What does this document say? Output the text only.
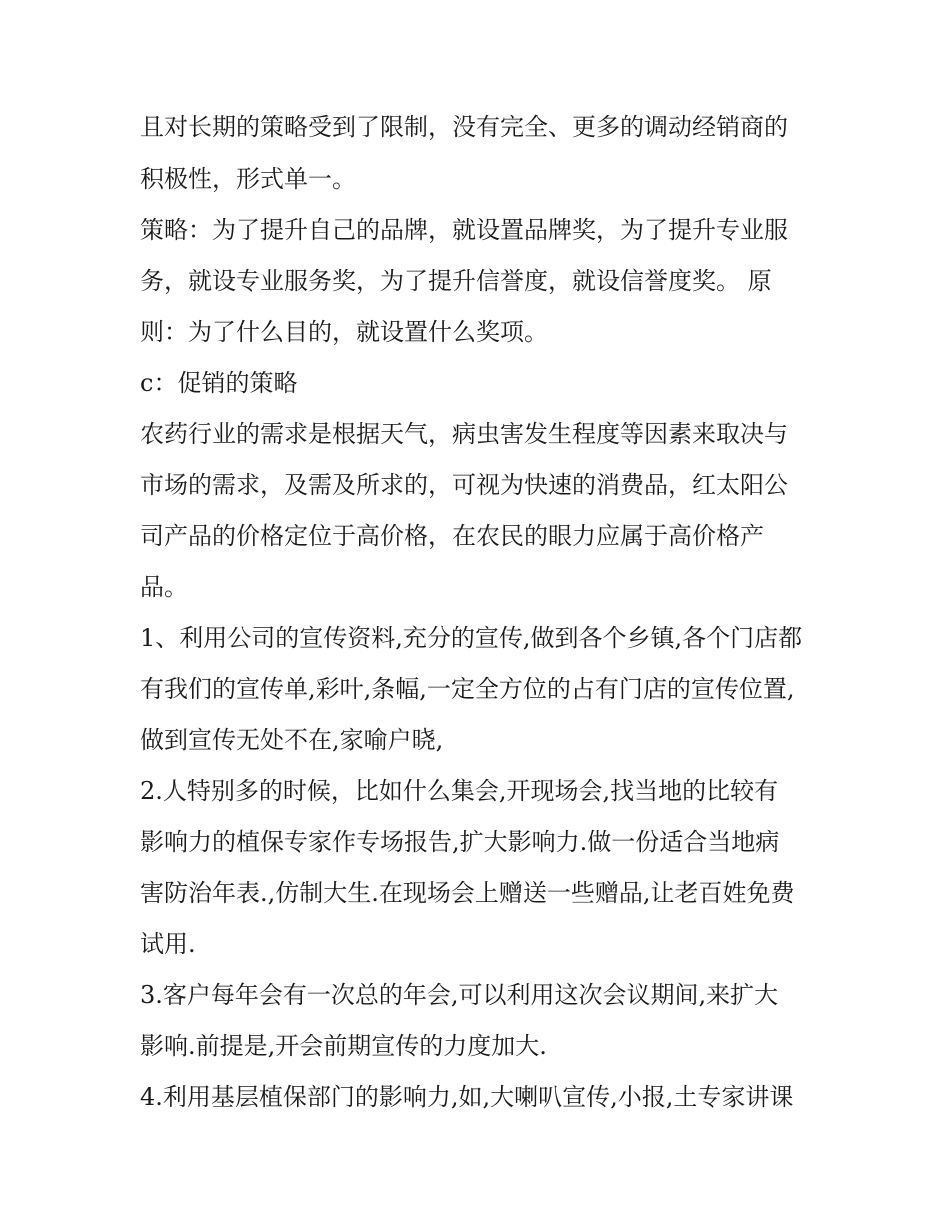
且对长期的策略受到了限制，没有完全、更多的调动经销商的

积极性，形式单一。

策略：为了提升自己的品牌，就设置品牌奖，为了提升专业服

务，就设专业服务奖，为了提升信誉度，就设信誉度奖。 原

则：为了什么目的，就设置什么奖项。

c：促销的策略

农药行业的需求是根据天气，病虫害发生程度等因素来取决与

市场的需求，及需及所求的，可视为快速的消费品，红太阳公

司产品的价格定位于高价格，在农民的眼力应属于高价格产

品。

1、利用公司的宣传资料,充分的宣传,做到各个乡镇,各个门店都

有我们的宣传单,彩叶,条幅,一定全方位的占有门店的宣传位置,

做到宣传无处不在,家喻户晓,

2.人特别多的时候，比如什么集会,开现场会,找当地的比较有

影响力的植保专家作专场报告,扩大影响力.做一份适合当地病

害防治年表.,仿制大生.在现场会上赠送一些赠品,让老百姓免费

试用.

3.客户每年会有一次总的年会,可以利用这次会议期间,来扩大

影响.前提是,开会前期宣传的力度加大.

4.利用基层植保部门的影响力,如,大喇叭宣传,小报,土专家讲课
